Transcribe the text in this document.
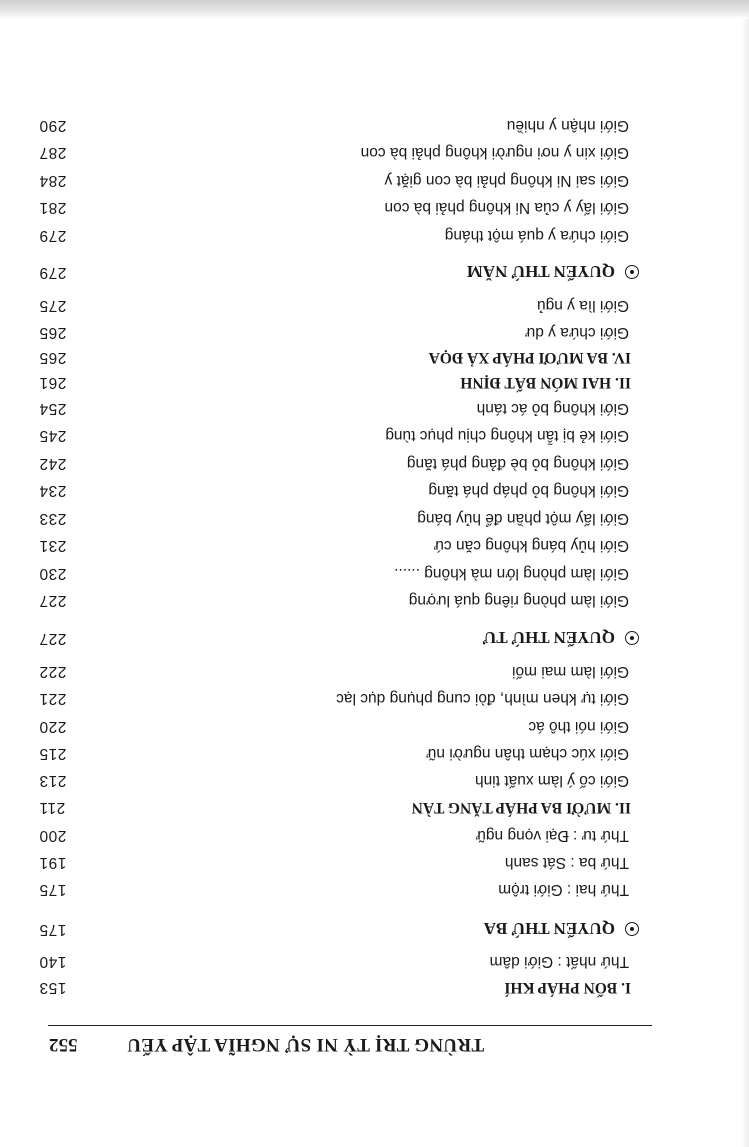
552	TRÙNG TRỊ TỲ NI SỰ NGHĨA TẬP YẾU
I. BỐN PHÁP KHÍ
153
Thứ nhất : Giới dâm
140
QUYỂN THỨ BA
175
Thứ hai : Giới trộm
175
Thứ ba : Sát sanh
191
Thứ tư : Đại vọng ngữ
200
II. MƯỜI BA PHÁP TĂNG TÀN
211
Giới cố ý làm xuất tinh
213
Giới xúc chạm thân người nữ
215
Giới nói thô ác
220
Giới tự khen mình, đòi cung phụng dục lạc
221
Giới làm mai mối
222
QUYỂN THỨ TƯ
227
Giới làm phòng riêng quá lượng
227
Giới làm phòng lớn mà không ......
230
Giới hủy báng không căn cứ
231
Giới lấy một phần để hủy báng
233
Giới không bỏ pháp phá tăng
234
Giới không bỏ bè đảng phá tăng
242
Giới kẻ bị tẫn không chịu phục tùng
245
Giới không bỏ ác tánh
254
II. HAI MÓN BẤT ĐỊNH
261
IV. BA MƯƠI PHÁP XẢ ĐỌA
265
Giới chứa y dư
265
Giới lìa y ngủ
275
QUYỂN THỨ NĂM
279
Giới chứa y quá một tháng
279
Giới lấy y của Ni không phải bà con
281
Giới sai Ni không phải bà con giặt y
284
Giới xin y nơi người không phải bà con
287
Giới nhận y nhiều
290
